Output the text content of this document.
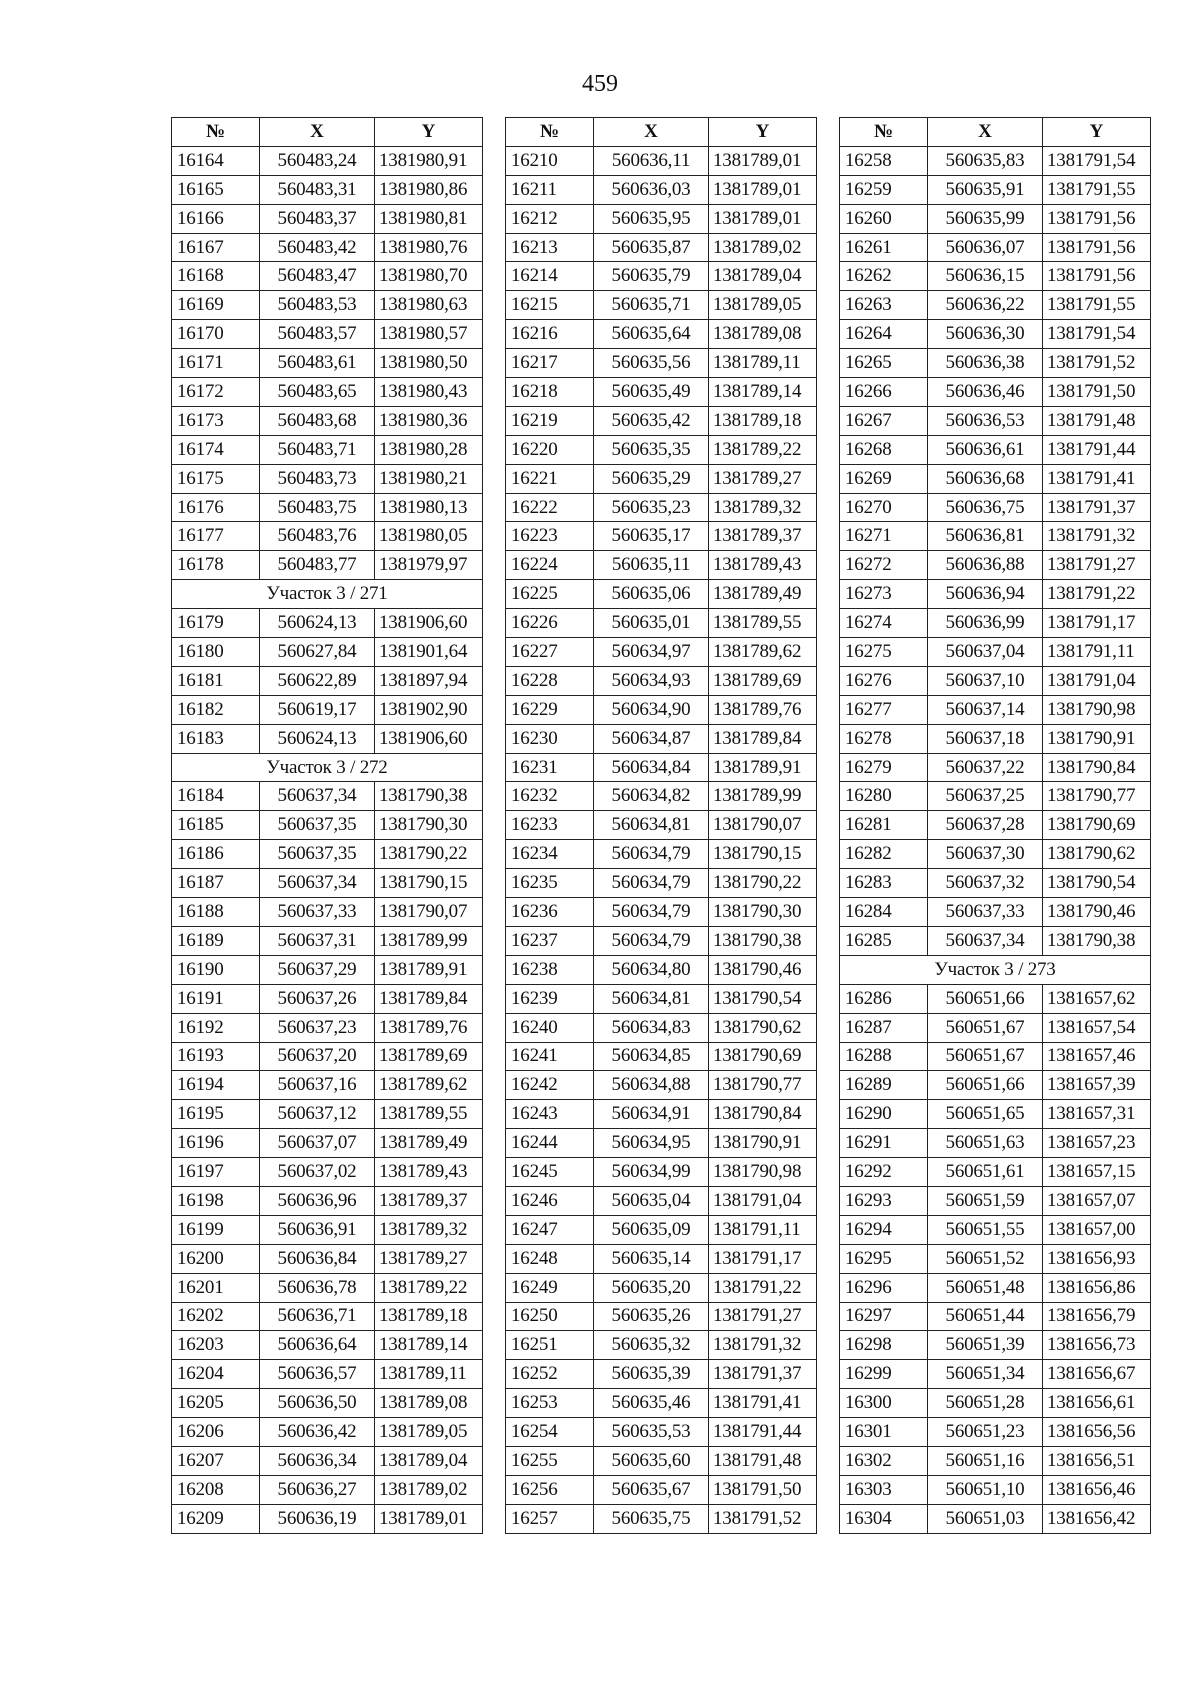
459
№	X	Y
16164	560483,24	1381980,91
16165	560483,31	1381980,86
16166	560483,37	1381980,81
16167	560483,42	1381980,76
16168	560483,47	1381980,70
16169	560483,53	1381980,63
16170	560483,57	1381980,57
16171	560483,61	1381980,50
16172	560483,65	1381980,43
16173	560483,68	1381980,36
16174	560483,71	1381980,28
16175	560483,73	1381980,21
16176	560483,75	1381980,13
16177	560483,76	1381980,05
16178	560483,77	1381979,97
Участок 3 / 271		
16179	560624,13	1381906,60
16180	560627,84	1381901,64
16181	560622,89	1381897,94
16182	560619,17	1381902,90
16183	560624,13	1381906,60
Участок 3 / 272		
16184	560637,34	1381790,38
16185	560637,35	1381790,30
16186	560637,35	1381790,22
16187	560637,34	1381790,15
16188	560637,33	1381790,07
16189	560637,31	1381789,99
16190	560637,29	1381789,91
16191	560637,26	1381789,84
16192	560637,23	1381789,76
16193	560637,20	1381789,69
16194	560637,16	1381789,62
16195	560637,12	1381789,55
16196	560637,07	1381789,49
16197	560637,02	1381789,43
16198	560636,96	1381789,37
16199	560636,91	1381789,32
16200	560636,84	1381789,27
16201	560636,78	1381789,22
16202	560636,71	1381789,18
16203	560636,64	1381789,14
16204	560636,57	1381789,11
16205	560636,50	1381789,08
16206	560636,42	1381789,05
16207	560636,34	1381789,04
16208	560636,27	1381789,02
16209	560636,19	1381789,01
№	X	Y
16210	560636,11	1381789,01
16211	560636,03	1381789,01
16212	560635,95	1381789,01
16213	560635,87	1381789,02
16214	560635,79	1381789,04
16215	560635,71	1381789,05
16216	560635,64	1381789,08
16217	560635,56	1381789,11
16218	560635,49	1381789,14
16219	560635,42	1381789,18
16220	560635,35	1381789,22
16221	560635,29	1381789,27
16222	560635,23	1381789,32
16223	560635,17	1381789,37
16224	560635,11	1381789,43
16225	560635,06	1381789,49
16226	560635,01	1381789,55
16227	560634,97	1381789,62
16228	560634,93	1381789,69
16229	560634,90	1381789,76
16230	560634,87	1381789,84
16231	560634,84	1381789,91
16232	560634,82	1381789,99
16233	560634,81	1381790,07
16234	560634,79	1381790,15
16235	560634,79	1381790,22
16236	560634,79	1381790,30
16237	560634,79	1381790,38
16238	560634,80	1381790,46
16239	560634,81	1381790,54
16240	560634,83	1381790,62
16241	560634,85	1381790,69
16242	560634,88	1381790,77
16243	560634,91	1381790,84
16244	560634,95	1381790,91
16245	560634,99	1381790,98
16246	560635,04	1381791,04
16247	560635,09	1381791,11
16248	560635,14	1381791,17
16249	560635,20	1381791,22
16250	560635,26	1381791,27
16251	560635,32	1381791,32
16252	560635,39	1381791,37
16253	560635,46	1381791,41
16254	560635,53	1381791,44
16255	560635,60	1381791,48
16256	560635,67	1381791,50
16257	560635,75	1381791,52
№	X	Y
16258	560635,83	1381791,54
16259	560635,91	1381791,55
16260	560635,99	1381791,56
16261	560636,07	1381791,56
16262	560636,15	1381791,56
16263	560636,22	1381791,55
16264	560636,30	1381791,54
16265	560636,38	1381791,52
16266	560636,46	1381791,50
16267	560636,53	1381791,48
16268	560636,61	1381791,44
16269	560636,68	1381791,41
16270	560636,75	1381791,37
16271	560636,81	1381791,32
16272	560636,88	1381791,27
16273	560636,94	1381791,22
16274	560636,99	1381791,17
16275	560637,04	1381791,11
16276	560637,10	1381791,04
16277	560637,14	1381790,98
16278	560637,18	1381790,91
16279	560637,22	1381790,84
16280	560637,25	1381790,77
16281	560637,28	1381790,69
16282	560637,30	1381790,62
16283	560637,32	1381790,54
16284	560637,33	1381790,46
16285	560637,34	1381790,38
Участок 3 / 273		
16286	560651,66	1381657,62
16287	560651,67	1381657,54
16288	560651,67	1381657,46
16289	560651,66	1381657,39
16290	560651,65	1381657,31
16291	560651,63	1381657,23
16292	560651,61	1381657,15
16293	560651,59	1381657,07
16294	560651,55	1381657,00
16295	560651,52	1381656,93
16296	560651,48	1381656,86
16297	560651,44	1381656,79
16298	560651,39	1381656,73
16299	560651,34	1381656,67
16300	560651,28	1381656,61
16301	560651,23	1381656,56
16302	560651,16	1381656,51
16303	560651,10	1381656,46
16304	560651,03	1381656,42
